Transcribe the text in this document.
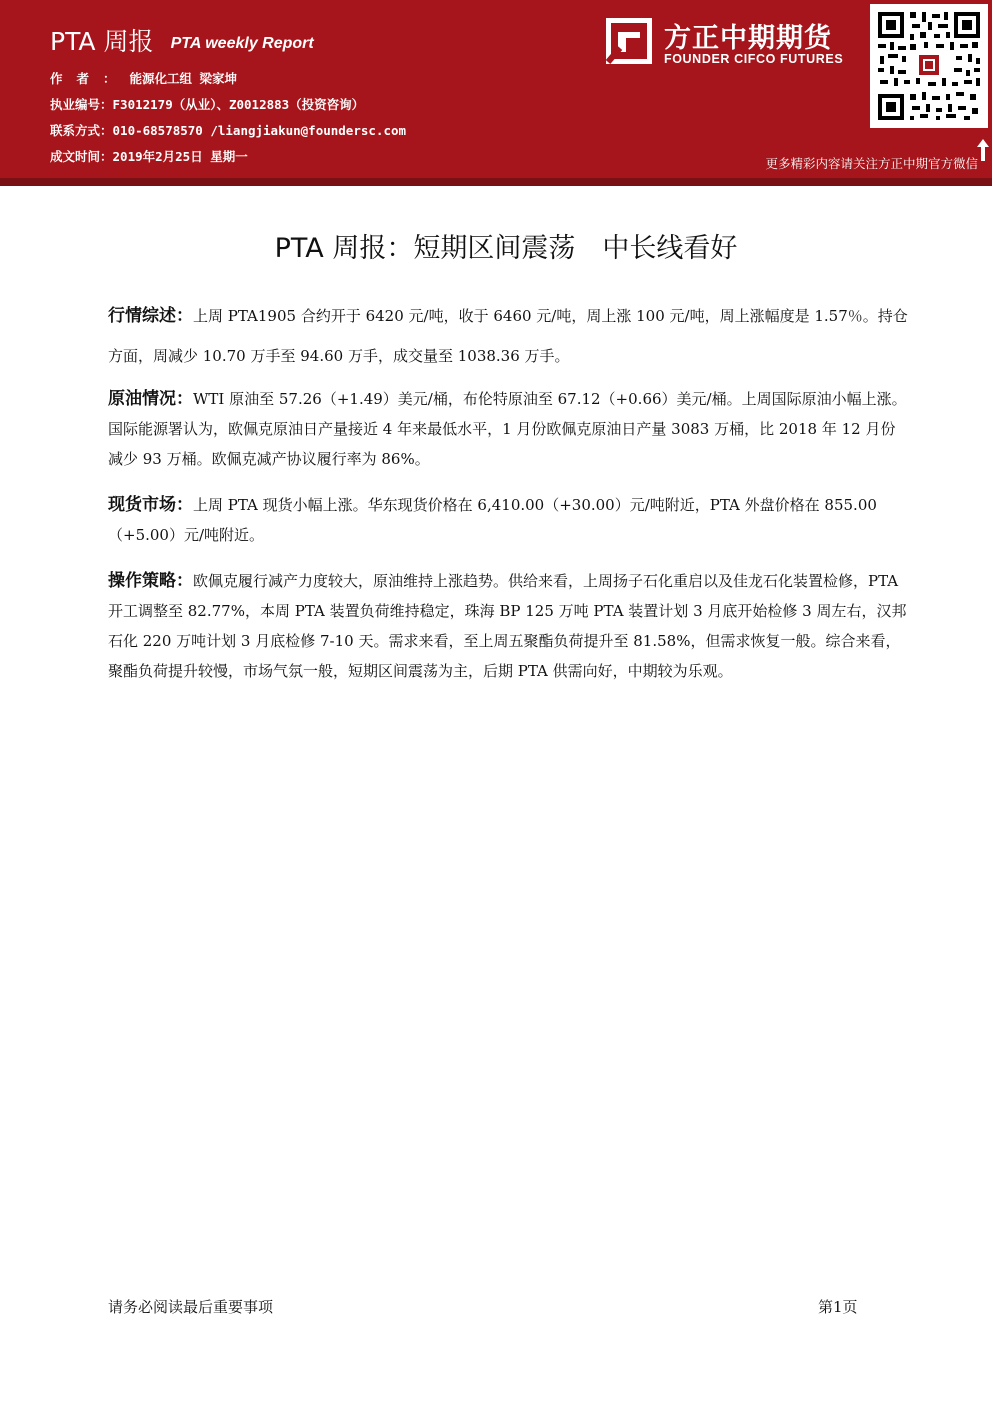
PTA 周报 PTA weekly Report
作者：能源化工组 梁家坤
执业编号：F3012179（从业）、Z0012883（投资咨询）
联系方式：010-68578570 /liangjiakun@foundersc.com
成文时间：2019年2月25日 星期一
方正中期期货
FOUNDER CIFCO FUTURES
更多精彩内容请关注方正中期官方微信
PTA 周报：短期区间震荡　中长线看好
行情综述：上周 PTA1905 合约开于 6420 元/吨，收于 6460 元/吨，周上涨 100 元/吨，周上涨幅度是 1.57％。持仓方面，周减少 10.70 万手至 94.60 万手，成交量至 1038.36 万手。
原油情况：WTI 原油至 57.26（+1.49）美元/桶，布伦特原油至 67.12（+0.66）美元/桶。上周国际原油小幅上涨。国际能源署认为，欧佩克原油日产量接近 4 年来最低水平，1 月份欧佩克原油日产量 3083 万桶，比 2018 年 12 月份减少 93 万桶。欧佩克减产协议履行率为 86%。
现货市场：上周 PTA 现货小幅上涨。华东现货价格在 6,410.00（+30.00）元/吨附近，PTA 外盘价格在 855.00（+5.00）元/吨附近。
操作策略：欧佩克履行减产力度较大，原油维持上涨趋势。供给来看，上周扬子石化重启以及佳龙石化装置检修，PTA 开工调整至 82.77%，本周 PTA 装置负荷维持稳定，珠海 BP 125 万吨 PTA 装置计划 3 月底开始检修 3 周左右，汉邦石化 220 万吨计划 3 月底检修 7-10 天。需求来看，至上周五聚酯负荷提升至 81.58%，但需求恢复一般。综合来看，聚酯负荷提升较慢，市场气氛一般，短期区间震荡为主，后期 PTA 供需向好，中期较为乐观。
请务必阅读最后重要事项	第1页
